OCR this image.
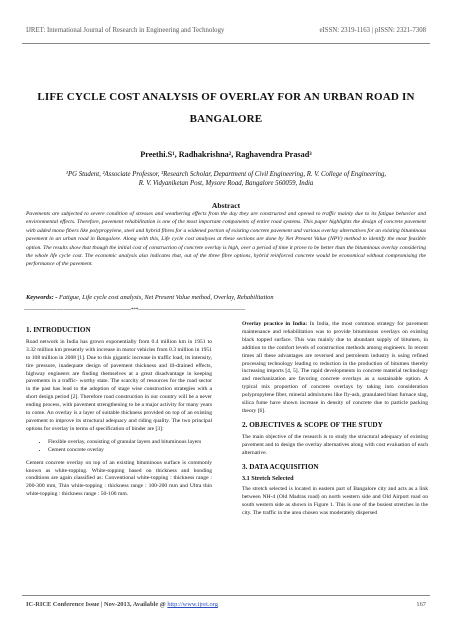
IJRET: International Journal of Research in Engineering and Technology	eISSN: 2319-1163 | pISSN: 2321-7308
LIFE CYCLE COST ANALYSIS OF OVERLAY FOR AN URBAN ROAD IN
BANGALORE
Preethi.S¹, Radhakrishna², Raghavendra Prasad³
¹PG Student, ²Associate Professor, ³Research Scholar, Department of Civil Engineering, R. V. College of Engineering,
R. V. Vidyaniketan Post, Mysore Road, Bangalore 560059, India
Abstract
Pavements are subjected to severe condition of stresses and weathering effects from the day they are constructed and opened to traffic mainly due to its fatigue behavior and environmental effects. Therefore, pavement rehabilitation is one of the most important components of entire road systems. This paper highlights the design of concrete pavement with added mono fibers like polypropylene, steel and hybrid fibres for a widened portion of existing concrete pavement and various overlay alternatives for an existing bituminous pavement in an urban road in Bangalore. Along with this, Life cycle cost analyses at these sections are done by Net Present Value (NPV) method to identify the most feasible option. The results show that though the initial cost of construction of concrete overlay is high, over a period of time it prove to be better than the bituminous overlay considering the whole life cycle cost. The economic analysis also indicates that, out of the three fibre options, hybrid reinforced concrete would be economical without compromising the performance of the pavement.
Keywords: - Fatigue, Life cycle cost analysis, Net Present Value method, Overlay, Rehabilitation
----------------------------------------------------------------------***----------------------------------------------------------------------
1. INTRODUCTION

Road network in India has grown exponentially from 0.4 million km in 1951 to 3.32 million km presently with increase in motor vehicles from 0.3 million in 1951 to 108 million in 2008 [1]. Due to this gigantic increase in traffic load, its intensity, tire pressure, inadequate design of pavement thickness and ill-drained effects, highway engineers are finding themselves at a great disadvantage in keeping pavements in a traffic- worthy state. The scarcity of resources for the road sector in the past has lead to the adoption of stage wise construction strategies with a short design period [2]. Therefore road construction in our country will be a never ending process, with pavement strengthening to be a major activity for many years to come. An overlay is a layer of suitable thickness provided on top of an existing pavement to improve its structural adequacy and riding quality. The two principal options for overlay in terms of specification of binder are [3]:

• Flexible overlay, consisting of granular layers and bituminous layers
• Cement concrete overlay

Cement concrete overlay on top of an existing bituminous surface is commonly known as white-topping. White-topping based on thickness and bonding conditions are again classified as: Conventional white-topping : thickness range : 200-300 mm, Thin white-topping : thickness range : 100-200 mm and Ultra thin white-topping : thickness range : 50-100 mm.

Overlay practice in India: In India, the most common strategy for pavement maintenance and rehabilitation was to provide bituminous overlays on existing black topped surface. This was mainly due to abundant supply of bitumen, in addition to the comfort levels of construction methods among engineers. In recent times all these advantages are reversed and petroleum industry is using refined processing technology leading to reduction in the production of bitumen thereby increasing imports [4, 5]. The rapid developments in concrete material technology and mechanization are favoring concrete overlays as a sustainable option. A typical mix proportion of concrete overlays by taking into consideration polypropylene fiber, mineral admixtures like fly-ash, granulated blast furnace slag, silica fume have shown increase in density of concrete due to particle packing theory [6].

2. OBJECTIVES & SCOPE OF THE STUDY

The main objective of the research is to study the structural adequacy of existing pavement and to design the overlay alternatives along with cost evaluation of each alternative.

3. DATA ACQUISITION
3.1 Stretch Selected

The stretch selected is located in eastern part of Bangalore city and acts as a link between NH-4 (Old Madras road) on north western side and Old Airport road on south western side as shown in Figure 1. This is one of the busiest stretches in the city. The traffic in the area chosen was moderately dispersed

IC-RICE Conference Issue | Nov-2013, Available @ http://www.ijret.org	167
